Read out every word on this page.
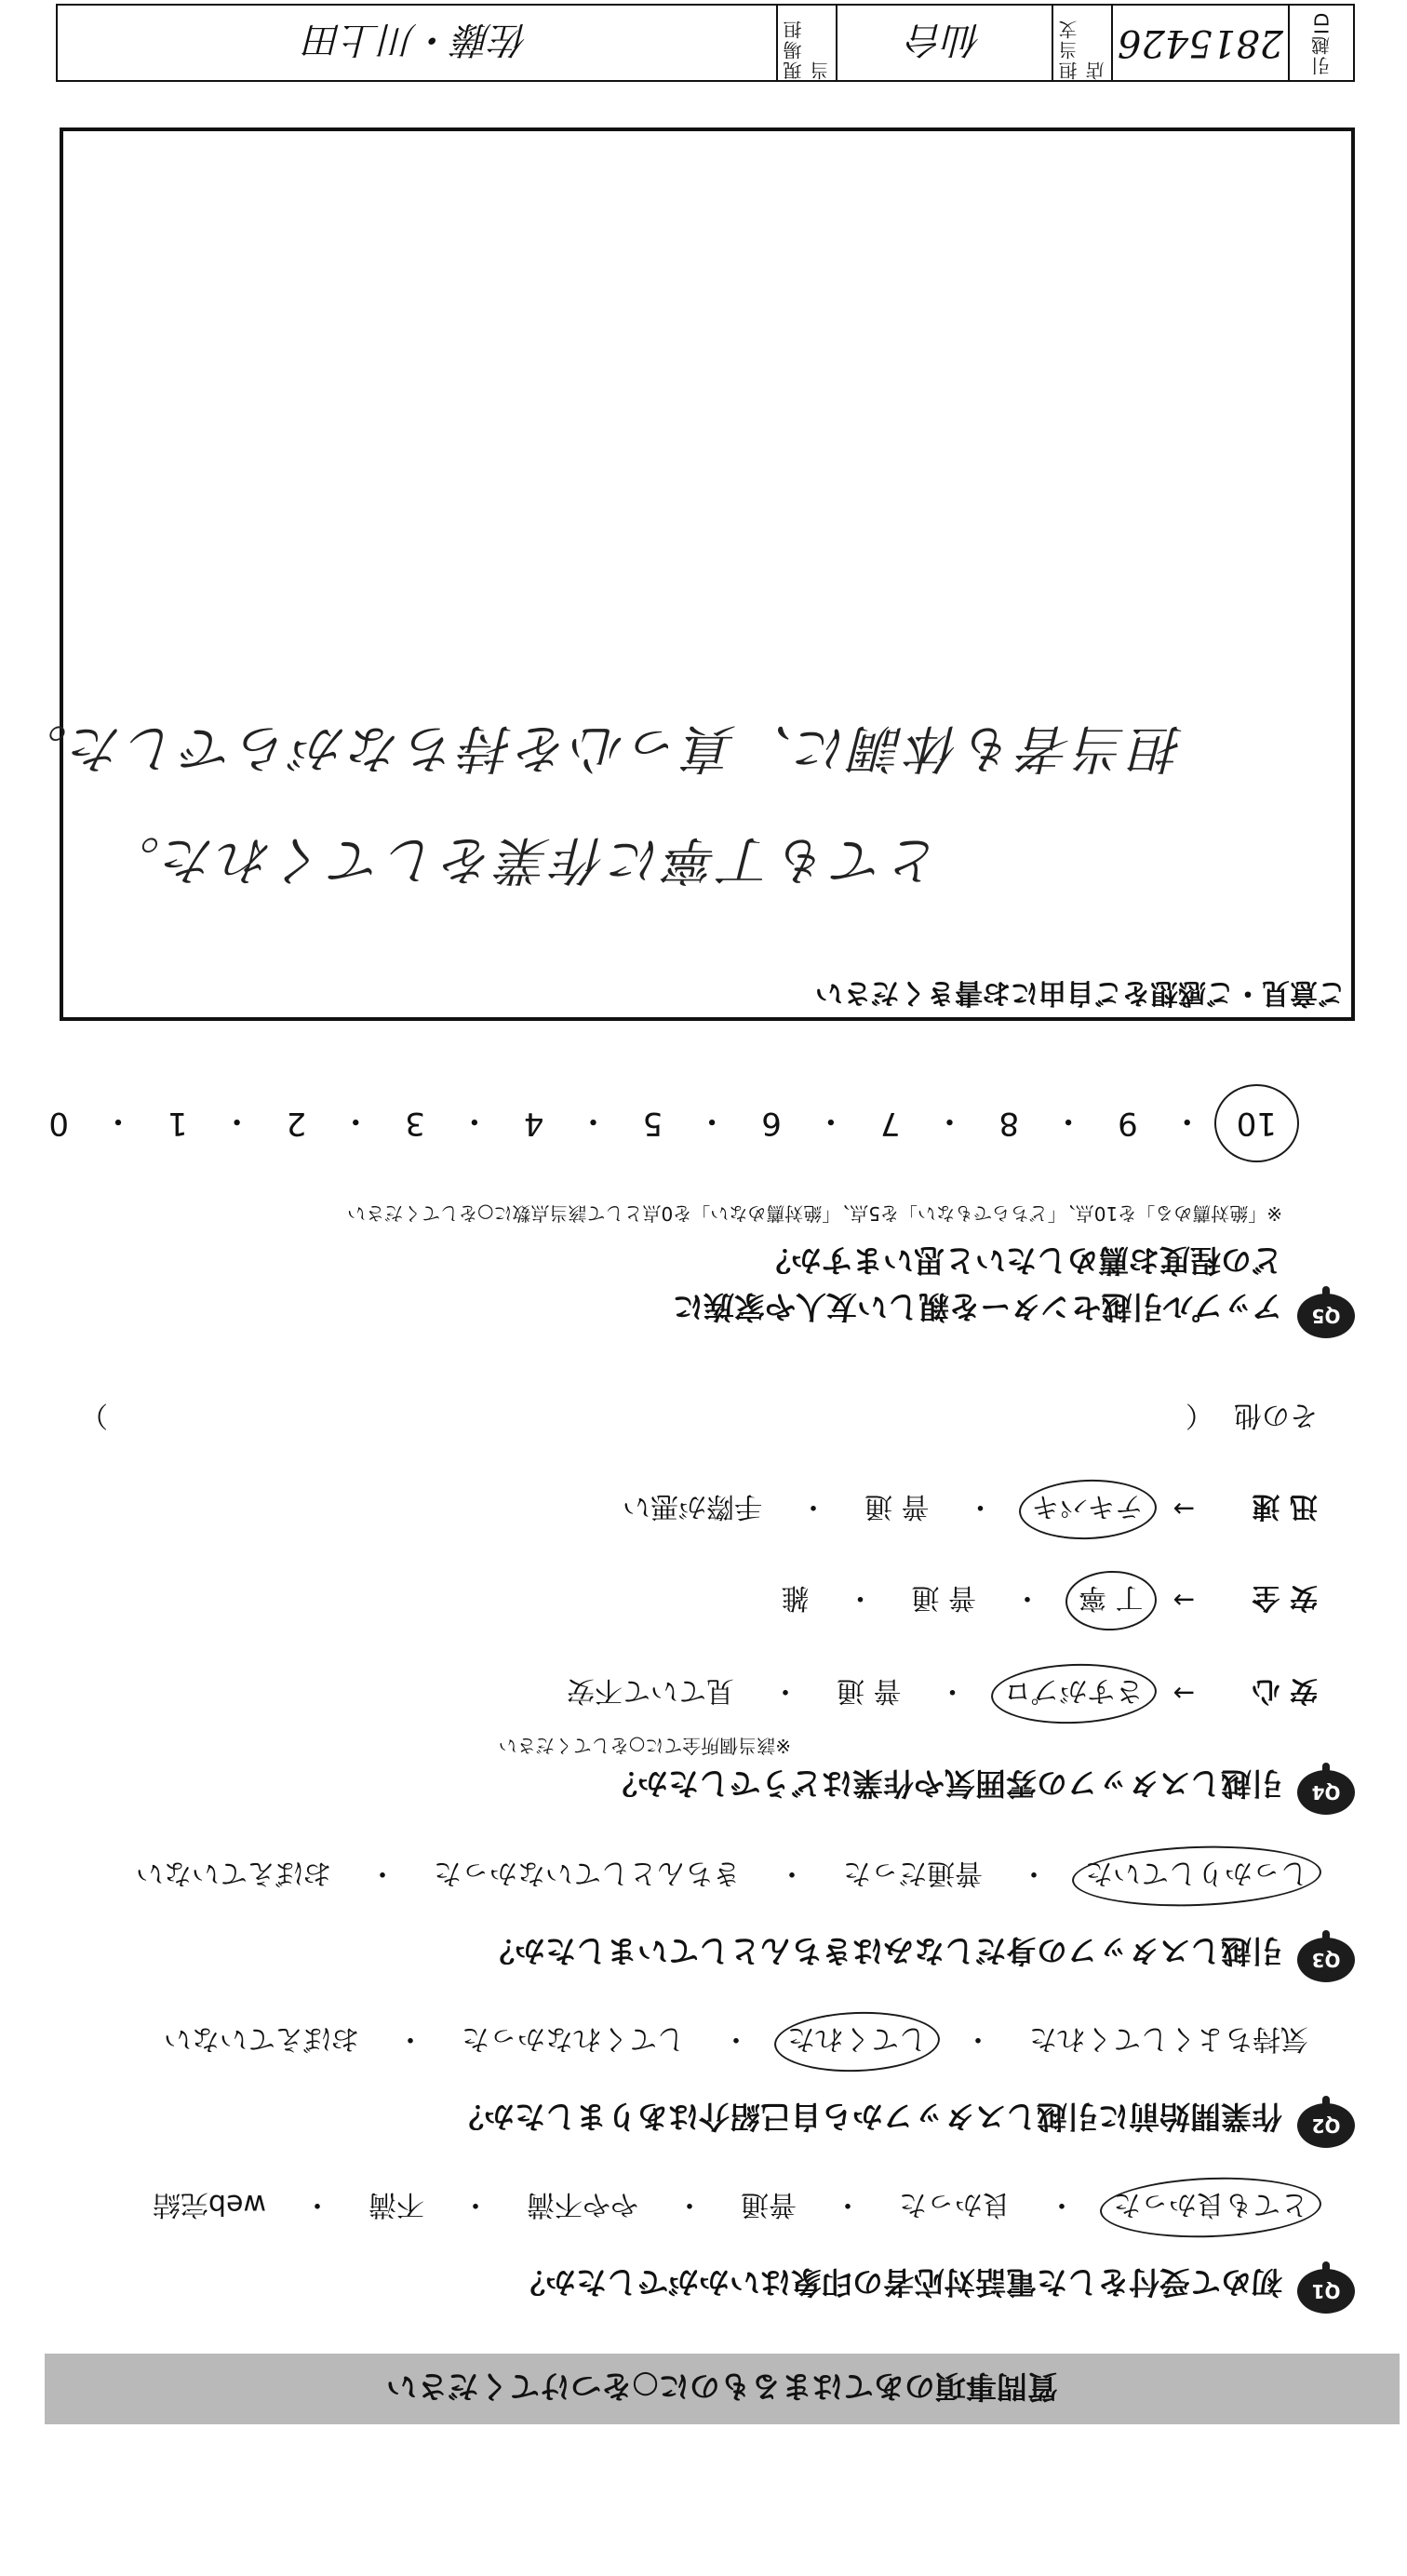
質問事項のあてはまるものに○をつけてください
Q1
初めて受付をした電話対応者の印象はいかがでしたか？
とても良かった
・
良かった
・
普通
・
やや不満
・
不満
・
web完結
Q2
作業開始前に引越しスタッフから自己紹介はありましたか？
気持ちよくしてくれた
・
してくれた
・
してくれなかった
・
おぼえていない
Q3
引越しスタッフの身だしなみはきちんとしていましたか？
しっかりしていた
・
普通だった
・
きちんとしていなかった
・
おぼえていない
Q4
引越しスタッフの雰囲気や作業はどうでしたか？
※該当個所全てに○をしてください
安 心
→
さすがプロ
・
普 通
・
見ていて不安
安 全
→
丁 寧
・
普 通
・
雑
迅 速
→
テキパキ
・
普 通
・
手際が悪い
その他
（
）
Q5
アップル引越センターを親しい友人や家族に
どの程度お薦めしたいと思いますか？
※「絶対薦める」を10点、「どちらでもない」を5点、「絶対薦めない」を0点として該当点数に○をしてください
10
・
9
・
8
・
7
・
6
・
5
・
4
・
3
・
2
・
1
・
0
ご意見・ご感想をご自由にお書きください
とても丁寧に作業をしてくれた。
担当者も体調に、真っ心を持ちながらでした。
引越ID
2815426
担当支店
仙台
現場担当
佐藤・川上田
